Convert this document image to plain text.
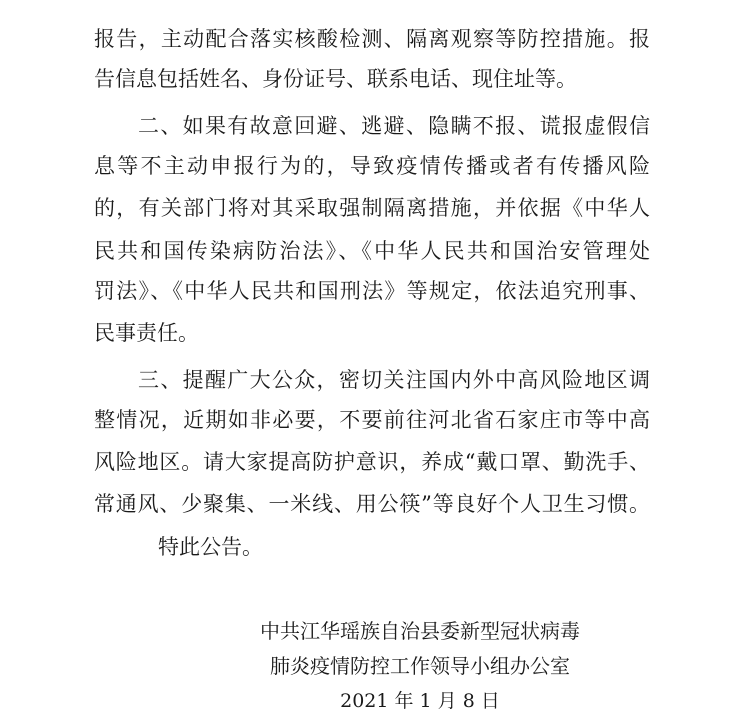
报告，主动配合落实核酸检测、隔离观察等防控措施。报
告信息包括姓名、身份证号、联系电话、现住址等。
二、如果有故意回避、逃避、隐瞒不报、谎报虚假信
息等不主动申报行为的，导致疫情传播或者有传播风险
的，有关部门将对其采取强制隔离措施，并依据《中华人
民共和国传染病防治法》、《中华人民共和国治安管理处
罚法》、《中华人民共和国刑法》等规定，依法追究刑事、
民事责任。
三、提醒广大公众，密切关注国内外中高风险地区调
整情况，近期如非必要，不要前往河北省石家庄市等中高
风险地区。请大家提高防护意识，养成“戴口罩、勤洗手、
常通风、少聚集、一米线、用公筷”等良好个人卫生习惯。
特此公告。
中共江华瑶族自治县委新型冠状病毒
肺炎疫情防控工作领导小组办公室
2021 年 1 月 8 日
